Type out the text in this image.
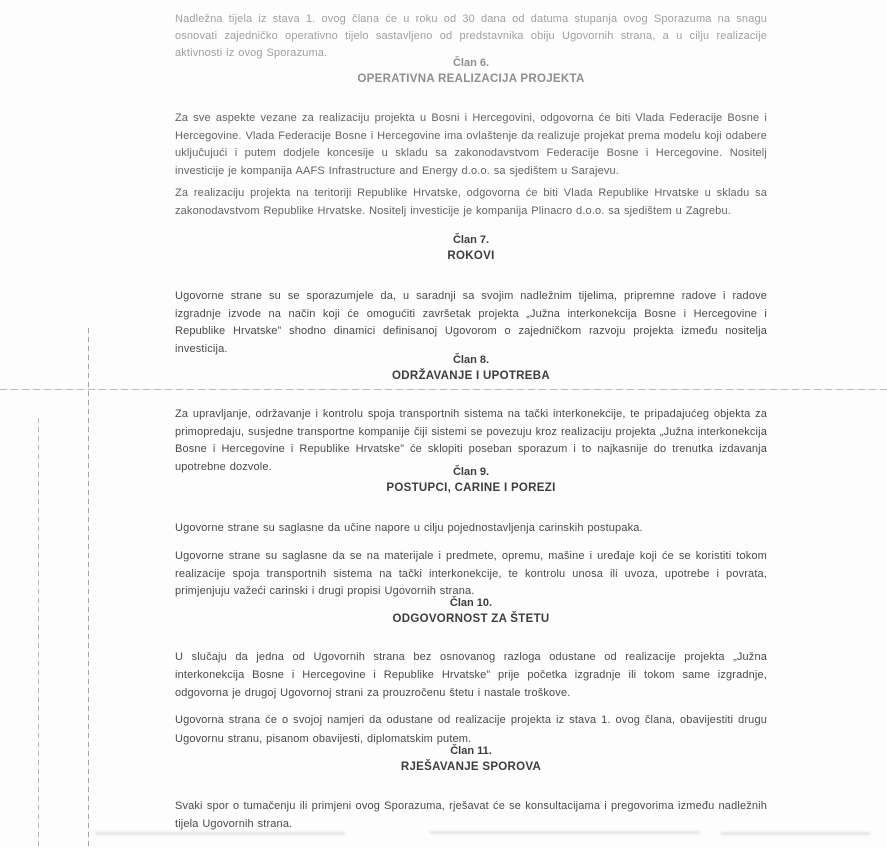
Nadležna tijela iz stava 1. ovog člana će u roku od 30 dana od datuma stupanja ovog Sporazuma na snagu osnovati zajedničko operativno tijelo sastavljeno od predstavnika obiju Ugovornih strana, a u cilju realizacije aktivnosti iz ovog Sporazuma.

Član 6.
OPERATIVNA REALIZACIJA PROJEKTA

Za sve aspekte vezane za realizaciju projekta u Bosni i Hercegovini, odgovorna će biti Vlada Federacije Bosne i Hercegovine. Vlada Federacije Bosne i Hercegovine ima ovlaštenje da realizuje projekat prema modelu koji odabere uključujući i putem dodjele koncesije u skladu sa zakonodavstvom Federacije Bosne i Hercegovine. Nositelj investicije je kompanija AAFS Infrastructure and Energy d.o.o. sa sjedištem u Sarajevu.

Za realizaciju projekta na teritoriji Republike Hrvatske, odgovorna će biti Vlada Republike Hrvatske u skladu sa zakonodavstvom Republike Hrvatske. Nositelj investicije je kompanija Plinacro d.o.o. sa sjedištem u Zagrebu.

Član 7.
ROKOVI

Ugovorne strane su se sporazumjele da, u saradnji sa svojim nadležnim tijelima, pripremne radove i radove izgradnje izvode na način koji će omogućiti završetak projekta „Južna interkonekcija Bosne i Hercegovine i Republike Hrvatske” shodno dinamici definisanoj Ugovorom o zajedničkom razvoju projekta između nositelja investicija.

Član 8.
ODRŽAVANJE I UPOTREBA

Za upravljanje, održavanje i kontrolu spoja transportnih sistema na tački interkonekcije, te pripadajućeg objekta za primopredaju, susjedne transportne kompanije čiji sistemi se povezuju kroz realizaciju projekta „Južna interkonekcija Bosne i Hercegovine i Republike Hrvatske” će sklopiti poseban sporazum i to najkasnije do trenutka izdavanja upotrebne dozvole.	Član 9.
POSTUPCI, CARINE I POREZI

Ugovorne strane su saglasne da učine napore u cilju pojednostavljenja carinskih postupaka.

Ugovorne strane su saglasne da se na materijale i predmete, opremu, mašine i uređaje koji će se koristiti tokom realizacije spoja transportnih sistema na tački interkonekcije, te kontrolu unosa ili uvoza, upotrebe i povrata, primjenjuju važeći carinski i drugi propisi Ugovornih strana.

Član 10.
ODGOVORNOST ZA ŠTETU

U slučaju da jedna od Ugovornih strana bez osnovanog razloga odustane od realizacije projekta „Južna interkonekcija Bosne i Hercegovine i Republike Hrvatske” prije početka izgradnje ili tokom same izgradnje, odgovorna je drugoj Ugovornoj strani za prouzročenu štetu i nastale troškove.

Ugovorna strana će o svojoj namjeri da odustane od realizacije projekta iz stava 1. ovog člana, obavijestiti drugu Ugovornu stranu, pisanom obavijesti, diplomatskim putem.

Član 11.
RJEŠAVANJE SPOROVA

Svaki spor o tumačenju ili primjeni ovog Sporazuma, rješavat će se konsultacijama i pregovorima između nadležnih tijela Ugovornih strana.
